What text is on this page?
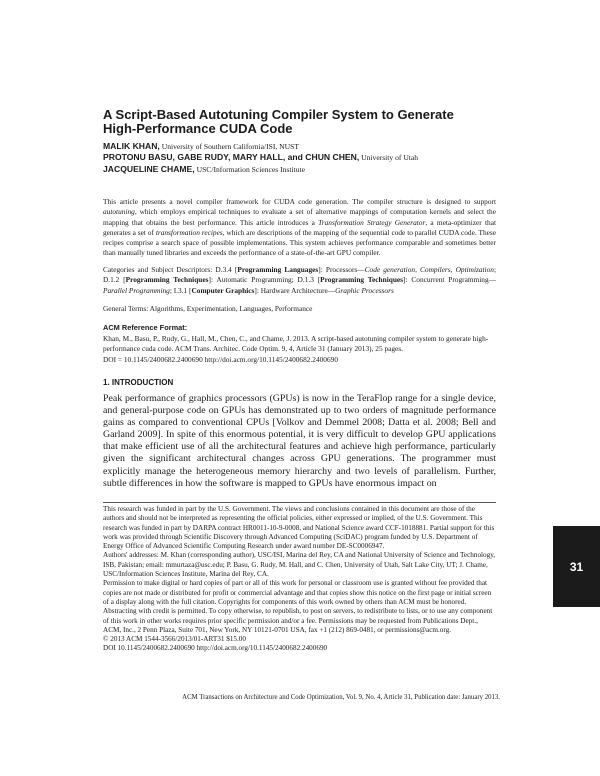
A Script-Based Autotuning Compiler System to Generate
High-Performance CUDA Code
MALIK KHAN, University of Southern California/ISI, NUST
PROTONU BASU, GABE RUDY, MARY HALL, and CHUN CHEN, University of Utah
JACQUELINE CHAME, USC/Information Sciences Institute

This article presents a novel compiler framework for CUDA code generation. The compiler structure is designed to support autotuning, which employs empirical techniques to evaluate a set of alternative mappings of computation kernels and select the mapping that obtains the best performance. This article introduces a Transformation Strategy Generator, a meta-optimizer that generates a set of transformation recipes, which are descriptions of the mapping of the sequential code to parallel CUDA code. These recipes comprise a search space of possible implementations. This system achieves performance comparable and sometimes better than manually tuned libraries and exceeds the performance of a state-of-the-art GPU compiler.

Categories and Subject Descriptors: D.3.4 [Programming Languages]: Processors—Code generation, Compilers, Optimization; D.1.2 [Programming Techniques]: Automatic Programming; D.1.3 [Programming Techniques]: Concurrent Programming—Parallel Programming; I.3.1 [Computer Graphics]: Hardware Architecture—Graphic Processors

General Terms: Algorithms, Experimentation, Languages, Performance

ACM Reference Format:

Khan, M., Basu, P., Rudy, G., Hall, M., Chen, C., and Chame, J. 2013. A script-based autotuning compiler system to generate high-performance cuda code. ACM Trans. Architec. Code Optim. 9, 4, Article 31 (January 2013), 25 pages.
DOI = 10.1145/2400682.2400690 http://doi.acm.org/10.1145/2400682.2400690

1. INTRODUCTION

Peak performance of graphics processors (GPUs) is now in the TeraFlop range for a single device, and general-purpose code on GPUs has demonstrated up to two orders of magnitude performance gains as compared to conventional CPUs [Volkov and Demmel 2008; Datta et al. 2008; Bell and Garland 2009]. In spite of this enormous potential, it is very difficult to develop GPU applications that make efficient use of all the architectural features and achieve high performance, particularly given the significant architectural changes across GPU generations. The programmer must explicitly manage the heterogeneous memory hierarchy and two levels of parallelism. Further, subtle differences in how the software is mapped to GPUs have enormous impact on

This research was funded in part by the U.S. Government. The views and conclusions contained in this document are those of the authors and should not be interpreted as representing the official policies, either expressed or implied, of the U.S. Government. This research was funded in part by DARPA contract HR0011-10-9-0008, and National Science award CCF-1018881. Partial support for this work was provided through Scientific Discovery through Advanced Computing (SciDAC) program funded by U.S. Department of Energy Office of Advanced Scientific Computing Research under award number DE-SC0006947.

Authors' addresses: M. Khan (corresponding author), USC/ISI, Marina del Rey, CA and National University of Science and Technology, ISB, Pakistan; email: mmurtaza@usc.edu; P. Basu, G. Rudy, M. Hall, and C. Chen, University of Utah, Salt Lake City, UT; J. Chame, USC/Information Sciences Institute, Marina del Rey, CA.

Permission to make digital or hard copies of part or all of this work for personal or classroom use is granted without fee provided that copies are not made or distributed for profit or commercial advantage and that copies show this notice on the first page or initial screen of a display along with the full citation. Copyrights for components of this work owned by others than ACM must be honored. Abstracting with credit is permitted. To copy otherwise, to republish, to post on servers, to redistribute to lists, or to use any component of this work in other works requires prior specific permission and/or a fee. Permissions may be requested from Publications Dept., ACM, Inc., 2 Penn Plaza, Suite 701, New York, NY 10121-0701 USA, fax +1 (212) 869-0481, or permissions@acm.org.

© 2013 ACM 1544-3566/2013/01-ART31 $15.00

DOI 10.1145/2400682.2400690 http://doi.acm.org/10.1145/2400682.2400690

31

ACM Transactions on Architecture and Code Optimization, Vol. 9, No. 4, Article 31, Publication date: January 2013.
